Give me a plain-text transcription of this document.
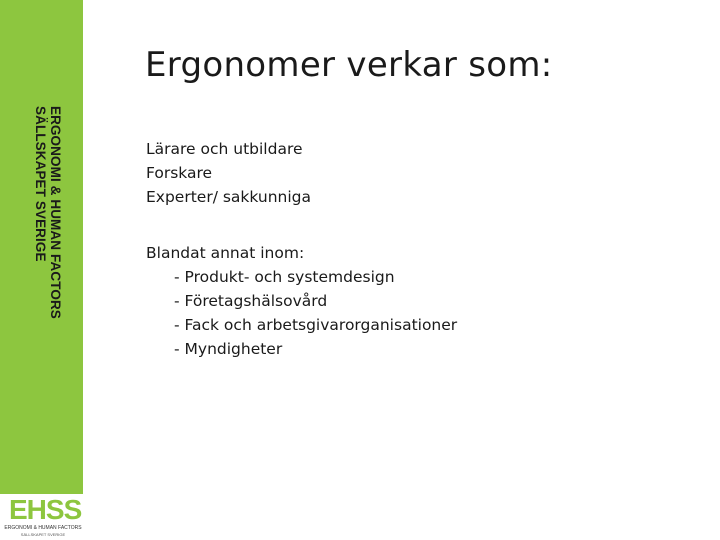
ERGONOMI & HUMAN FACTORS
SÄLLSKAPET SVERIGE
EHSS
ERGONOMI & HUMAN FACTORS
SÄLLSKAPET SVERIGE
Ergonomer verkar som:
Lärare och utbildare
Forskare
Experter/ sakkunniga
Blandat annat inom:
- Produkt- och systemdesign
- Företagshälsovård
- Fack och arbetsgivarorganisationer
- Myndigheter
